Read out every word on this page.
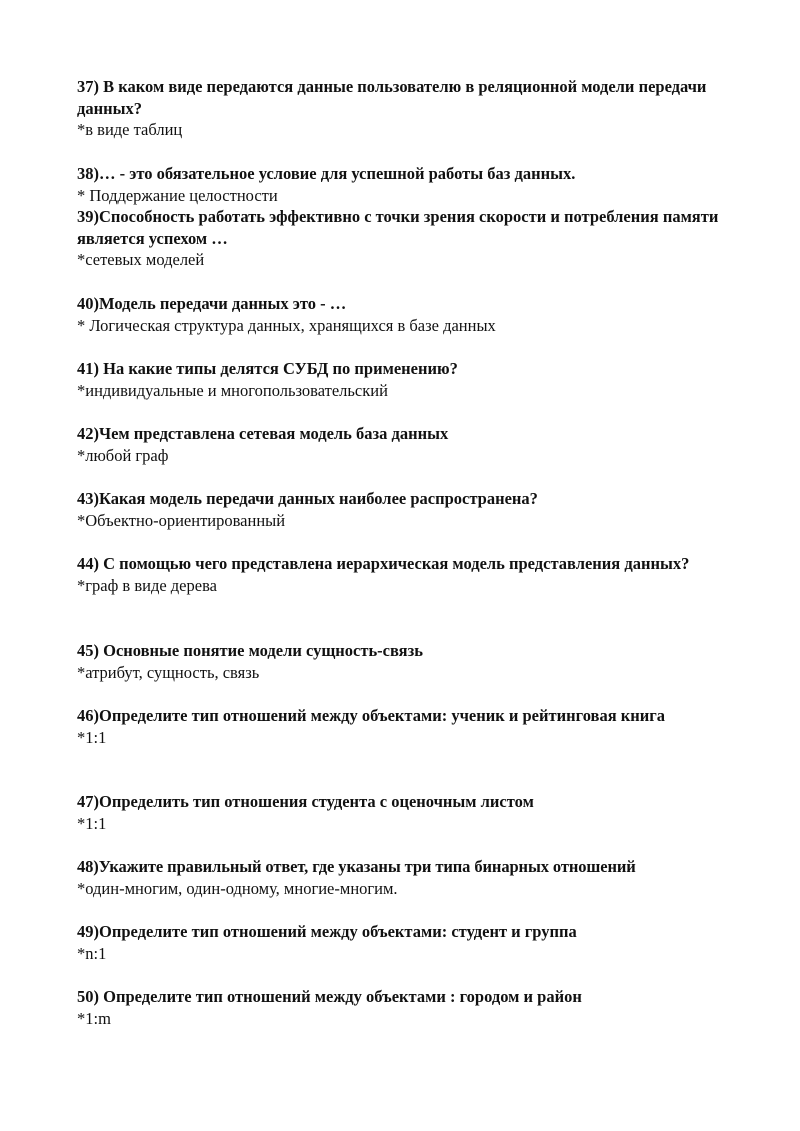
37) В каком виде передаются данные пользователю в реляционной модели передачи данных?

*в виде таблиц

38)… - это обязательное условие для успешной работы баз данных.

* Поддержание целостности

39)Способность работать эффективно с точки зрения скорости и потребления памяти является успехом …

*сетевых моделей

40)Модель передачи данных это - …

* Логическая структура данных, хранящихся в базе данных

41) На какие типы делятся СУБД по применению?

*индивидуальные и многопользовательский

42)Чем представлена сетевая модель база данных

*любой граф

43)Какая модель передачи данных наиболее распространена?

*Объектно-ориентированный

44) С помощью чего представлена иерархическая модель представления данных?

*граф в виде дерева

45) Основные понятие модели сущность-связь

*атрибут, сущность, связь

46)Определите тип отношений между объектами: ученик и рейтинговая книга

*1:1

47)Определить тип отношения студента с оценочным листом

*1:1

48)Укажите правильный ответ, где указаны три типа бинарных отношений

*один-многим, один-одному, многие-многим.

49)Определите тип отношений между объектами: студент и группа

*n:1

50) Определите тип отношений между объектами : городом и район

*1:m
